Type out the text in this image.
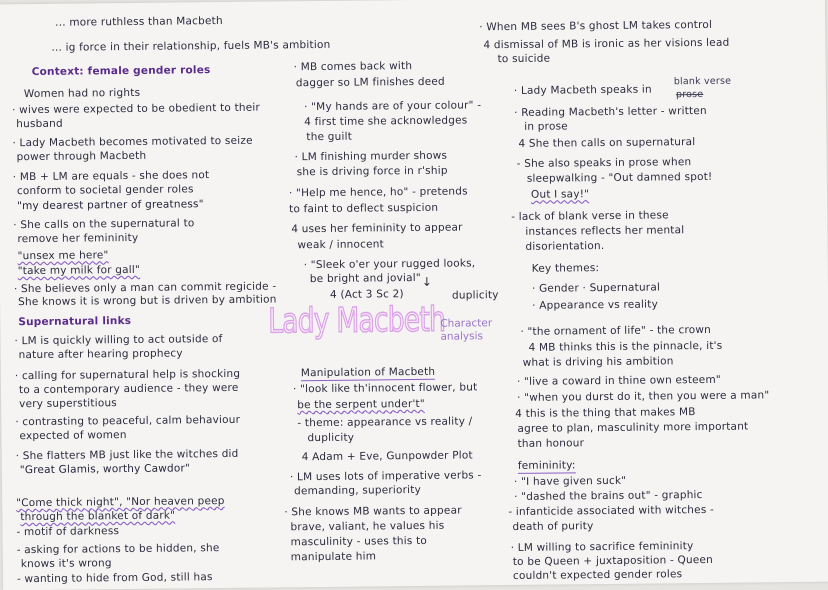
Lady Macbeth
Character analysis
... more ruthless than Macbeth
... ig force in their relationship, fuels MB's ambition
Context: female gender roles
Women had no rights
· wives were expected to be obedient to their
husband
· Lady Macbeth becomes motivated to seize
power through Macbeth
· MB + LM are equals - she does not
conform to societal gender roles
"my dearest partner of greatness"
· She calls on the supernatural to
remove her femininity
"unsex me here"
"take my milk for gall"
· She believes only a man can commit regicide -
She knows it is wrong but is driven by ambition
Supernatural links
· LM is quickly willing to act outside of
nature after hearing prophecy
· calling for supernatural help is shocking
to a contemporary audience - they were
very superstitious
· contrasting to peaceful, calm behaviour
expected of women
· She flatters MB just like the witches did
"Great Glamis, worthy Cawdor"
"Come thick night", "Nor heaven peep
through the blanket of dark"
- motif of darkness
- asking for actions to be hidden, she
knows it's wrong
- wanting to hide from God, still has
· MB comes back with
dagger so LM finishes deed
· "My hands are of your colour" -
4 first time she acknowledges
the guilt
· LM finishing murder shows
she is driving force in r'ship
· "Help me hence, ho" - pretends
to faint to deflect suspicion
4 uses her femininity to appear
weak / innocent
· "Sleek o'er your rugged looks,
be bright and jovial"
4 (Act 3 Sc 2)	duplicity
Manipulation of Macbeth
· "look like th'innocent flower, but
be the serpent under't"
- theme: appearance vs reality /
duplicity
4 Adam + Eve, Gunpowder Plot
· LM uses lots of imperative verbs -
demanding, superiority
· She knows MB wants to appear
brave, valiant, he values his
masculinity - uses this to
manipulate him
· When MB sees B's ghost LM takes control
4 dismissal of MB is ironic as her visions lead
to suicide
· Lady Macbeth speaks in
· Reading Macbeth's letter - written
in prose
4 She then calls on supernatural
- She also speaks in prose when
sleepwalking - "Out damned spot!
Out I say!"
- lack of blank verse in these
instances reflects her mental
disorientation.
Key themes:
· Gender · Supernatural
· Appearance vs reality
· "the ornament of life" - the crown
4 MB thinks this is the pinnacle, it's
what is driving his ambition
· "live a coward in thine own esteem"
· "when you durst do it, then you were a man"
4 this is the thing that makes MB
agree to plan, masculinity more important
than honour
femininity:
· "I have given suck"
· "dashed the brains out" - graphic
- infanticide associated with witches -
death of purity
· LM willing to sacrifice femininity
to be Queen + juxtaposition - Queen
couldn't expected gender roles
blank verse
prose
↓
